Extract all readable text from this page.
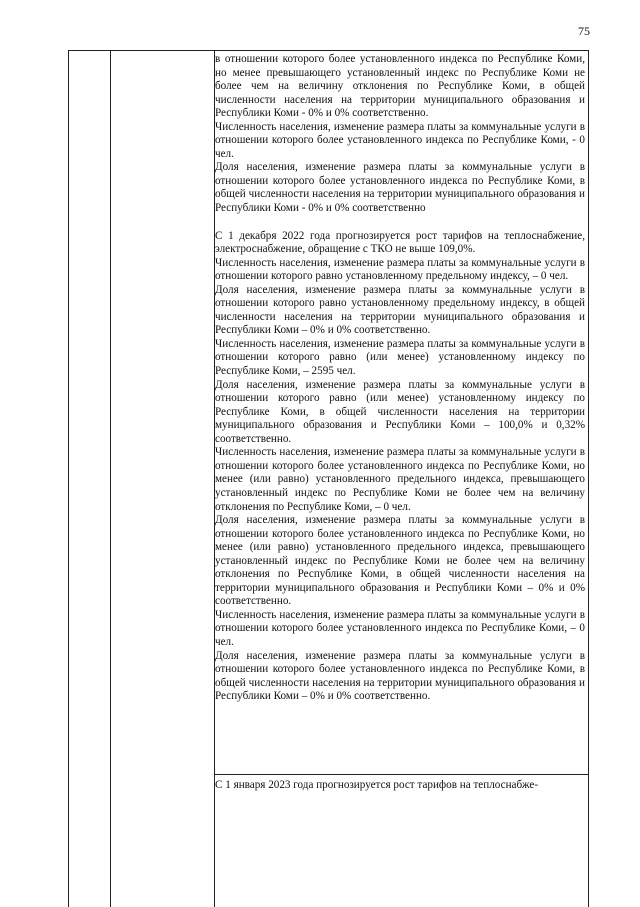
75

в отношении которого более установленного индекса по Республике Коми, но менее превышающего установленный индекс по Республике Коми не более чем на величину отклонения по Республике Коми, в общей численности населения на территории муниципального образования и Республики Коми - 0% и 0% соответственно.

Численность населения, изменение размера платы за коммунальные услуги в отношении которого более установленного индекса по Республике Коми, - 0 чел.

Доля населения, изменение размера платы за коммунальные услуги в отношении которого более установленного индекса по Республике Коми, в общей численности населения на территории муниципального образования и Республики Коми - 0% и 0% соответственно

С 1 декабря 2022 года прогнозируется рост тарифов на теплоснабжение, электроснабжение, обращение с ТКО не выше 109,0%.

Численность населения, изменение размера платы за коммунальные услуги в отношении которого равно установленному предельному индексу, – 0 чел.

Доля населения, изменение размера платы за коммунальные услуги в отношении которого равно установленному предельному индексу, в общей численности населения на территории муниципального образования и Республики Коми – 0% и 0% соответственно.

Численность населения, изменение размера платы за коммунальные услуги в отношении которого равно (или менее) установленному индексу по Республике Коми, – 2595 чел.

Доля населения, изменение размера платы за коммунальные услуги в отношении которого равно (или менее) установленному индексу по Республике Коми, в общей численности населения на территории муниципального образования и Республики Коми – 100,0% и 0,32% соответственно.

Численность населения, изменение размера платы за коммунальные услуги в отношении которого более установленного индекса по Республике Коми, но менее (или равно) установленного предельного индекса, превышающего установленный индекс по Республике Коми не более чем на величину отклонения по Республике Коми, – 0 чел.

Доля населения, изменение размера платы за коммунальные услуги в отношении которого более установленного индекса по Республике Коми, но менее (или равно) установленного предельного индекса, превышающего установленный индекс по Республике Коми не более чем на величину отклонения по Республике Коми, в общей численности населения на территории муниципального образования и Республики Коми – 0% и 0% соответственно.

Численность населения, изменение размера платы за коммунальные услуги в отношении которого более установленного индекса по Республике Коми, – 0 чел.

Доля населения, изменение размера платы за коммунальные услуги в отношении которого более установленного индекса по Республике Коми, в общей численности населения на территории муниципального образования и Республики Коми – 0% и 0% соответственно.

С 1 января 2023 года прогнозируется рост тарифов на теплоснабже-
